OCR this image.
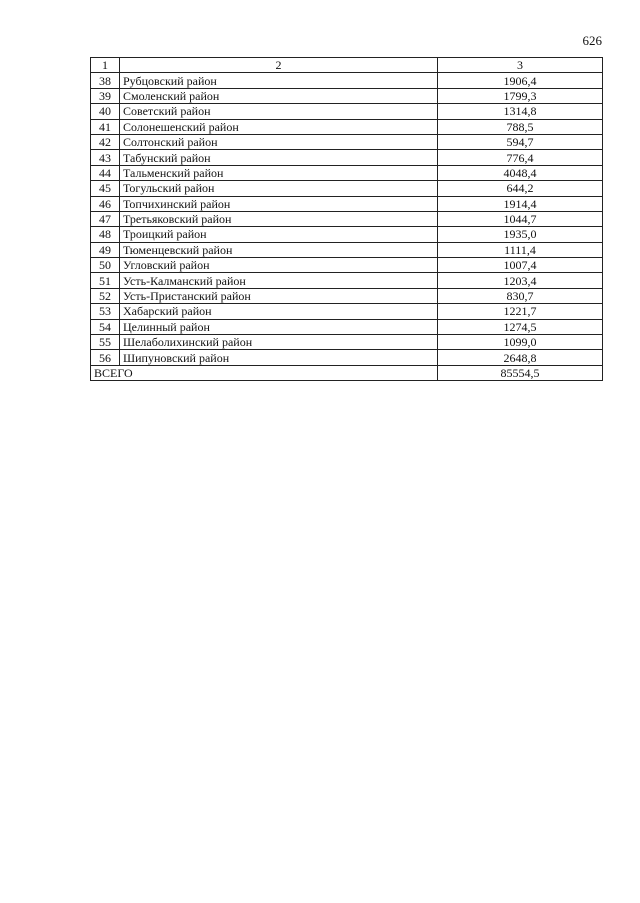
626
1	2	3
38	Рубцовский район	1906,4
39	Смоленский район	1799,3
40	Советский район	1314,8
41	Солонешенский район	788,5
42	Солтонский район	594,7
43	Табунский район	776,4
44	Тальменский район	4048,4
45	Тогульский район	644,2
46	Топчихинский район	1914,4
47	Третьяковский район	1044,7
48	Троицкий район	1935,0
49	Тюменцевский район	1111,4
50	Угловский район	1007,4
51	Усть-Калманский район	1203,4
52	Усть-Пристанский район	830,7
53	Хабарский район	1221,7
54	Целинный район	1274,5
55	Шелаболихинский район	1099,0
56	Шипуновский район	2648,8
ВСЕГО		85554,5
